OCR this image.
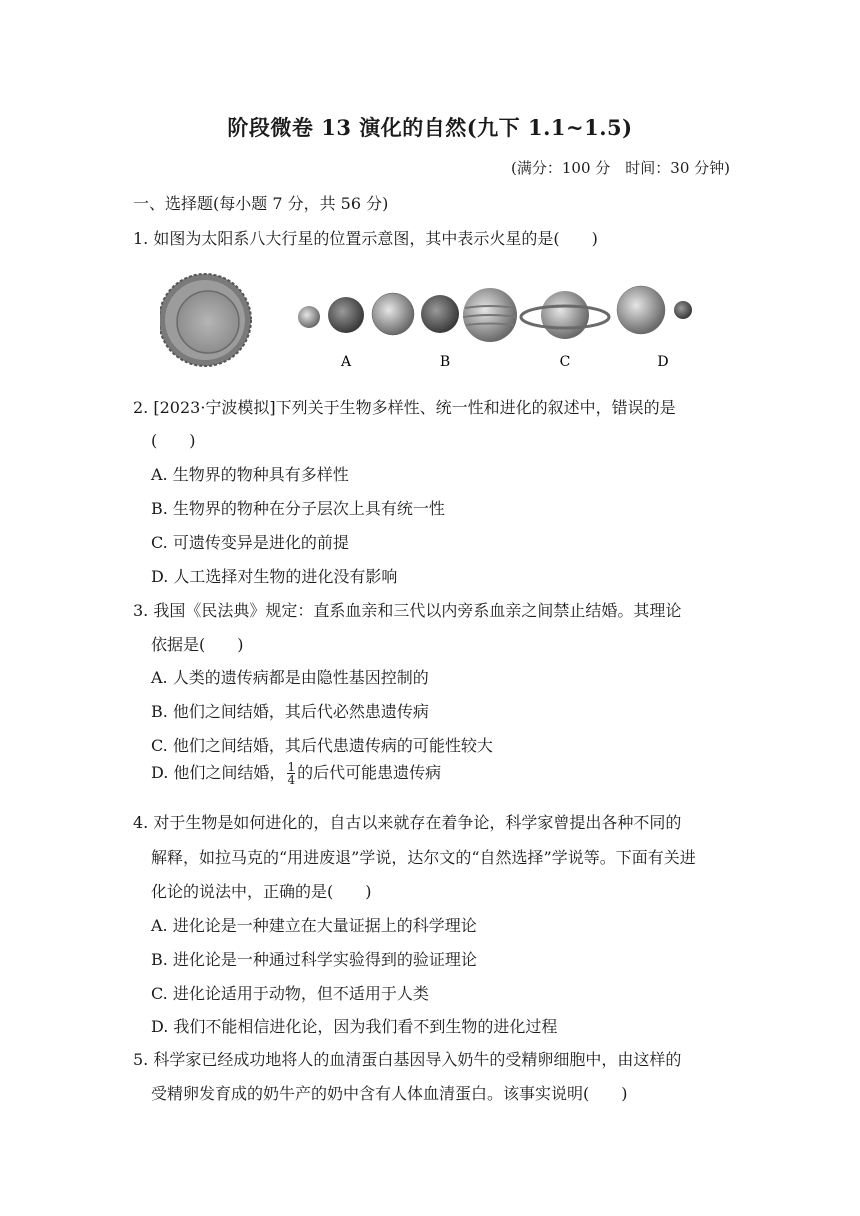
阶段微卷 13 演化的自然(九下 1.1~1.5)
(满分：100 分　时间：30 分钟)
一、选择题(每小题 7 分，共 56 分)
1. 如图为太阳系八大行星的位置示意图，其中表示火星的是(　　)
A	B	C	D
2. [2023·宁波模拟]下列关于生物多样性、统一性和进化的叙述中，错误的是
(　　)
A. 生物界的物种具有多样性
B. 生物界的物种在分子层次上具有统一性
C. 可遗传变异是进化的前提
D. 人工选择对生物的进化没有影响
3. 我国《民法典》规定：直系血亲和三代以内旁系血亲之间禁止结婚。其理论
依据是(　　)
A. 人类的遗传病都是由隐性基因控制的
B. 他们之间结婚，其后代必然患遗传病
C. 他们之间结婚，其后代患遗传病的可能性较大
D. 他们之间结婚， $\frac{1}{4}$ 的后代可能患遗传病
4. 对于生物是如何进化的，自古以来就存在着争论，科学家曾提出各种不同的
解释，如拉马克的“用进废退”学说，达尔文的“自然选择”学说等。下面有关进
化论的说法中，正确的是(　　)
A. 进化论是一种建立在大量证据上的科学理论
B. 进化论是一种通过科学实验得到的验证理论
C. 进化论适用于动物，但不适用于人类
D. 我们不能相信进化论，因为我们看不到生物的进化过程
5. 科学家已经成功地将人的血清蛋白基因导入奶牛的受精卵细胞中，由这样的
受精卵发育成的奶牛产的奶中含有人体血清蛋白。该事实说明(　　)
